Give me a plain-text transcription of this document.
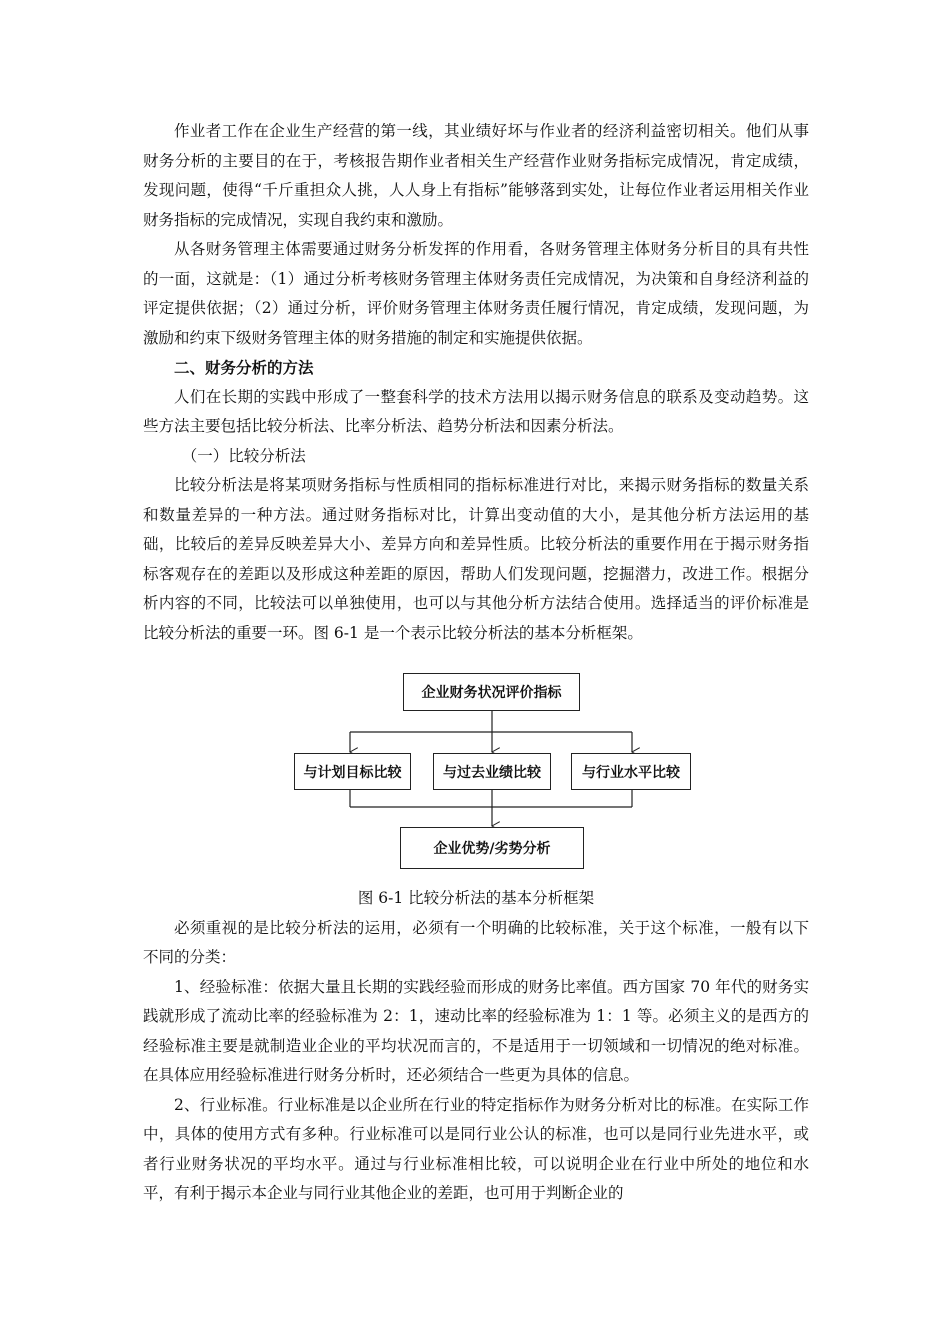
作业者工作在企业生产经营的第一线，其业绩好坏与作业者的经济利益密切相关。他们从事财务分析的主要目的在于，考核报告期作业者相关生产经营作业财务指标完成情况，肯定成绩，发现问题，使得“千斤重担众人挑，人人身上有指标”能够落到实处，让每位作业者运用相关作业财务指标的完成情况，实现自我约束和激励。

从各财务管理主体需要通过财务分析发挥的作用看，各财务管理主体财务分析目的具有共性的一面，这就是：（1）通过分析考核财务管理主体财务责任完成情况，为决策和自身经济利益的评定提供依据；（2）通过分析，评价财务管理主体财务责任履行情况，肯定成绩，发现问题，为激励和约束下级财务管理主体的财务措施的制定和实施提供依据。

二、财务分析的方法

人们在长期的实践中形成了一整套科学的技术方法用以揭示财务信息的联系及变动趋势。这些方法主要包括比较分析法、比率分析法、趋势分析法和因素分析法。

（一）比较分析法

比较分析法是将某项财务指标与性质相同的指标标准进行对比，来揭示财务指标的数量关系和数量差异的一种方法。通过财务指标对比，计算出变动值的大小，是其他分析方法运用的基础，比较后的差异反映差异大小、差异方向和差异性质。比较分析法的重要作用在于揭示财务指标客观存在的差距以及形成这种差距的原因，帮助人们发现问题，挖掘潜力，改进工作。根据分析内容的不同，比较法可以单独使用，也可以与其他分析方法结合使用。选择适当的评价标准是比较分析法的重要一环。图 6-1 是一个表示比较分析法的基本分析框架。

企业财务状况评价指标
与计划目标比较	与过去业绩比较	与行业水平比较
企业优势/劣势分析

图 6-1 比较分析法的基本分析框架

必须重视的是比较分析法的运用，必须有一个明确的比较标准，关于这个标准，一般有以下不同的分类：

1、经验标准：依据大量且长期的实践经验而形成的财务比率值。西方国家 70 年代的财务实践就形成了流动比率的经验标准为 2：1，速动比率的经验标准为 1：1 等。必须主义的是西方的经验标准主要是就制造业企业的平均状况而言的，不是适用于一切领域和一切情况的绝对标准。在具体应用经验标准进行财务分析时，还必须结合一些更为具体的信息。

2、行业标准。行业标准是以企业所在行业的特定指标作为财务分析对比的标准。在实际工作中，具体的使用方式有多种。行业标准可以是同行业公认的标准，也可以是同行业先进水平，或者行业财务状况的平均水平。通过与行业标准相比较，可以说明企业在行业中所处的地位和水平，有利于揭示本企业与同行业其他企业的差距，也可用于判断企业的
